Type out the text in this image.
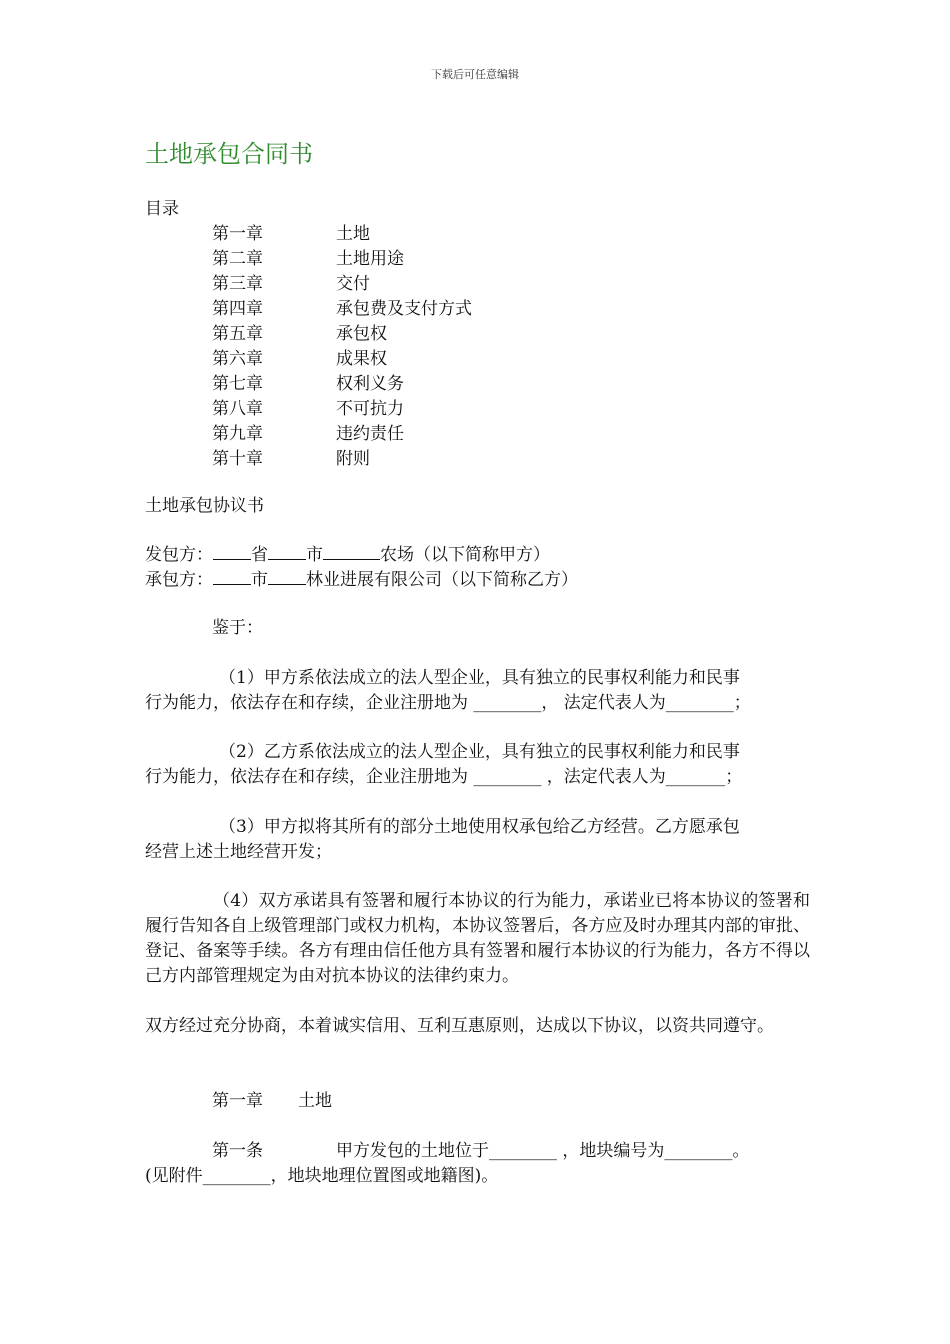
下载后可任意编辑
土地承包合同书
目录
第一章	土地
第二章	土地用途
第三章	交付
第四章	承包费及支付方式
第五章	承包权
第六章	成果权
第七章	权利义务
第八章	不可抗力
第九章	违约责任
第十章	附则
土地承包协议书
发包方： 省 市	农场（以下简称甲方）
承包方： 市 林业进展有限公司（以下简称乙方）
鉴于：
（1）甲方系依法成立的法人型企业，具有独立的民事权利能力和民事
行为能力，依法存在和存续，企业注册地为 ________， 法定代表人为________；
（2）乙方系依法成立的法人型企业，具有独立的民事权利能力和民事
行为能力，依法存在和存续，企业注册地为 ________ ，法定代表人为_______；
（3）甲方拟将其所有的部分土地使用权承包给乙方经营。乙方愿承包
经营上述土地经营开发；
（4）双方承诺具有签署和履行本协议的行为能力，承诺业已将本协议的签署和履行告知各自上级管理部门或权力机构，本协议签署后，各方应及时办理其内部的审批、登记、备案等手续。各方有理由信任他方具有签署和履行本协议的行为能力，各方不得以己方内部管理规定为由对抗本协议的法律约束力。
双方经过充分协商，本着诚实信用、互利互惠原则，达成以下协议，以资共同遵守。
第一章 土地
第一条	甲方发包的土地位于________ ，地块编号为________。
(见附件________，地块地理位置图或地籍图)。
